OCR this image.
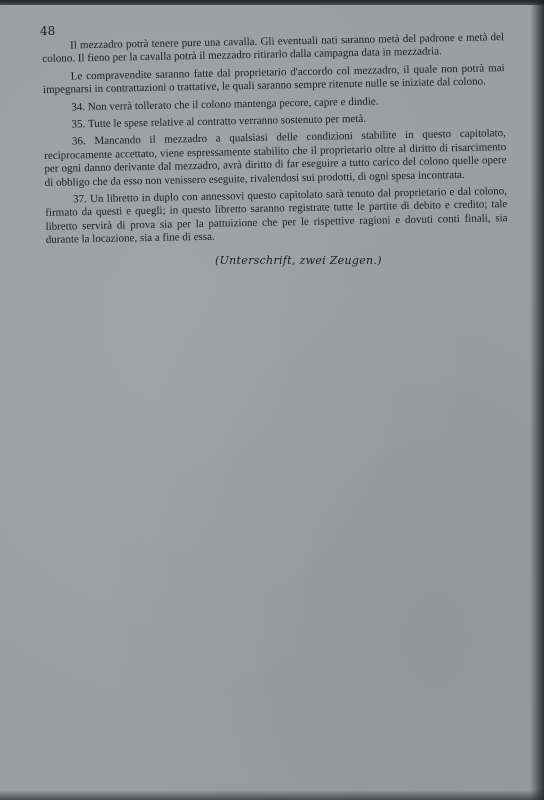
48

Il mezzadro potrà tenere pure una cavalla. Gli eventuali nati saranno metà del padrone e metà del colono. Il fieno per la cavalla potrà il mezzadro ritirarlo dalla campagna data in mezzadria.

Le compravendite saranno fatte dal proprietario d'accordo col mezzadro, il quale non potrà mai impegnarsi in contrattazioni o trattative, le quali saranno sempre ritenute nulle se iniziate dal colono.

34. Non verrà tollerato che il colono mantenga pecore, capre e dindie.

35. Tutte le spese relative al contratto verranno sostenuto per metà.

36. Mancando il mezzadro a qualsiasi delle condizioni stabilite in questo capitolato, reciprocamente accettato, viene espressamente stabilito che il proprietario oltre al diritto di risarcimento per ogni danno derivante dal mezzadro, avrà diritto di far eseguire a tutto carico del colono quelle opere di obbligo che da esso non venissero eseguite, rivalendosi sui prodotti, di ogni spesa incontrata.

37. Un libretto in duplo con annessovi questo capitolato sarà tenuto dal proprietario e dal colono, firmato da questi e quegli; in questo libretto saranno registrate tutte le partite di debito e credito; tale libretto servirà di prova sia per la pattuizione che per le rispettive ragioni e dovuti conti finali, sia durante la locazione, sia a fine di essa.

(Unterschrift, zwei Zeugen.)
